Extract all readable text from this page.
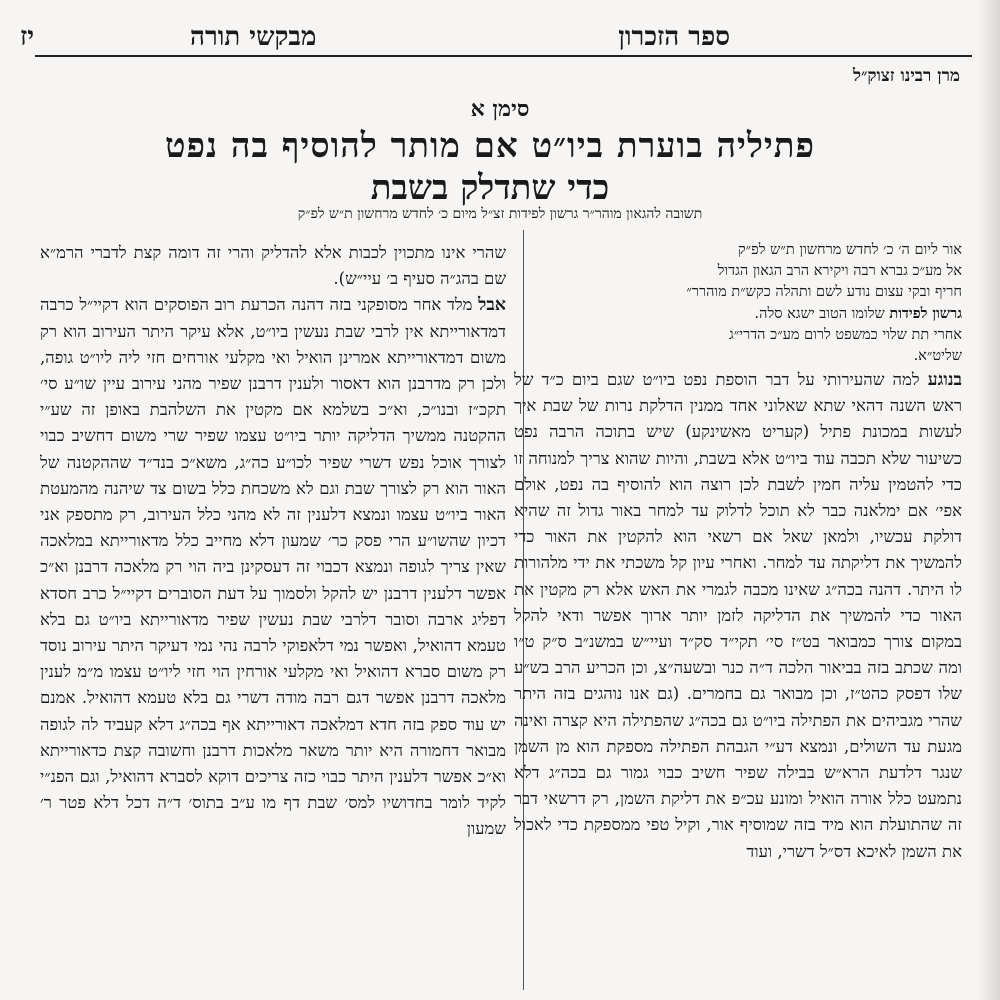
ספר הזכרון
מבקשי תורה
יז
מרן רבינו זצוק״ל
סימן א
פתיליה בוערת ביו״ט אם מותר להוסיף בה נפט
כדי שתדלק בשבת
תשובה להגאון מוהר״ר גרשון לפידות זצ״ל מיום כ׳ לחדש מרחשון ת״ש לפ״ק

אור ליום ה׳ כ׳ לחדש מרחשון ת״ש לפ״ק

אל מע״כ גברא רבה ויקירא הרב הגאון הגדול

חריף ובקי עצום נודע לשם ותהלה כקש״ת מוהרר״

גרשון לפידות שלומו הטוב ישגא סלה.

אחרי תת שלוי כמשפט לרום מע״כ הדרי״ג

שליט״א.

בנוגע למה שהעירותי על דבר הוספת נפט ביו״ט שגם ביום כ״ד של ראש השנה דהאי שתא שאלוני אחד ממנין הדלקת נרות של שבת איך לעשות במכונת פתיל (קעריט מאשינקע) שיש בתוכה הרבה נפט כשיעור שלא תכבה עוד ביו״ט אלא בשבת, והיות שהוא צריך למנוחה זו כדי להטמין עליה חמין לשבת לכן רוצה הוא להוסיף בה נפט, אולם אפי׳ אם ימלאנה כבר לא תוכל לדלוק עד למחר באור גדול זה שהיא דולקת עכשיו, ולמאן שאל אם רשאי הוא להקטין את האור כדי להמשיך את דליקתה עד למחר. ואחרי עיון קל משכתי את ידי מלהורות לו היתר. דהנה בכה״ג שאינו מכבה לגמרי את האש אלא רק מקטין את האור כדי להמשיך את הדליקה לזמן יותר ארוך אפשר ודאי להקל במקום צורך כמבואר בט״ז סי׳ תקי״ד סק״ד ועיי״ש במשנ״ב ס״ק ט״ו ומה שכתב בזה בביאור הלכה ד״ה כנר ובשעה״צ, וכן הכריע הרב בש״ע שלו דפסק כהט״ז, וכן מבואר גם בחמרים. (גם אנו נוהגים בזה היתר שהרי מגביהים את הפתילה ביו״ט גם בכה״ג שהפתילה היא קצרה ואינה מגעת עד השולים, ונמצא דע״י הגבהת הפתילה מספקת הוא מן השמן שנגר דלדעת הרא״ש בבילה שפיר חשיב כבוי גמור גם בכה״ג דלא נתמעט כלל אורה הואיל ומונע עכ״פ את דליקת השמן, רק דרשאי דבר זה שהתועלת הוא מיד בזה שמוסיף אור, וקיל טפי ממספקת כדי לאכול את השמן לאיכא דס״ל דשרי, ועוד

שהרי אינו מתכוין לכבות אלא להדליק והרי זה דומה קצת לדברי הרמ״א שם בהג״ה סעיף ב׳ עיי״ש).

אבל מלד אחר מסופקני בזה דהנה הכרעת רוב הפוסקים הוא דקיי״ל כרבה דמדאורייתא אין לרבי שבת נעשין ביו״ט, אלא עיקר היתר העירוב הוא רק משום דמדאורייתא אמרינן הואיל ואי מקלעי אורחים חזי ליה ליו״ט גופה, ולכן רק מדרבנן הוא דאסור ולענין דרבנן שפיר מהני עירוב עיין שו״ע סי׳ תקכ״ז ובנו״כ, וא״כ בשלמא אם מקטין את השלהבת באופן זה שע״י ההקטנה ממשיך הדליקה יותר ביו״ט עצמו שפיר שרי משום דחשיב כבוי לצורך אוכל נפש דשרי שפיר לכו״ע כה״ג, משא״כ בנד״ד שההקטנה של האור הוא רק לצורך שבת וגם לא משכחת כלל בשום צד שיהנה מהמעטת האור ביו״ט עצמו ונמצא דלענין זה לא מהני כלל העירוב, רק מתספק אני דכיון שהשו״ע הרי פסק כר׳ שמעון דלא מחייב כלל מדאורייתא במלאכה שאין צריך לגופה ונמצא דכבוי זה דעסקינן ביה הוי רק מלאכה דרבנן וא״כ אפשר דלענין דרבנן יש להקל ולסמוך על דעת הסוברים דקיי״ל כרב חסדא דפליג ארבה וסובר דלרבי שבת נעשין שפיר מדאורייתא ביו״ט גם בלא טעמא דהואיל, ואפשר נמי דלאפוקי לרבה נהי נמי דעיקר היתר עירוב נוסד רק משום סברא דהואיל ואי מקלעי אורחין הוי חזי ליו״ט עצמו מ״מ לענין מלאכה דרבנן אפשר דגם רבה מודה דשרי גם בלא טעמא דהואיל. אמנם יש עוד ספק בזה חדא דמלאכה דאורייתא אף בכה״ג דלא קעביד לה לגופה מבואר דחמורה היא יותר משאר מלאכות דרבנן וחשובה קצת כדאורייתא וא״כ אפשר דלענין היתר כבוי כזה צריכים דוקא לסברא דהואיל, וגם הפנ״י לקיד לומר בחדושיו למס׳ שבת דף מו ע״ב בתוס׳ ד״ה דכל דלא פטר ר׳ שמעון
